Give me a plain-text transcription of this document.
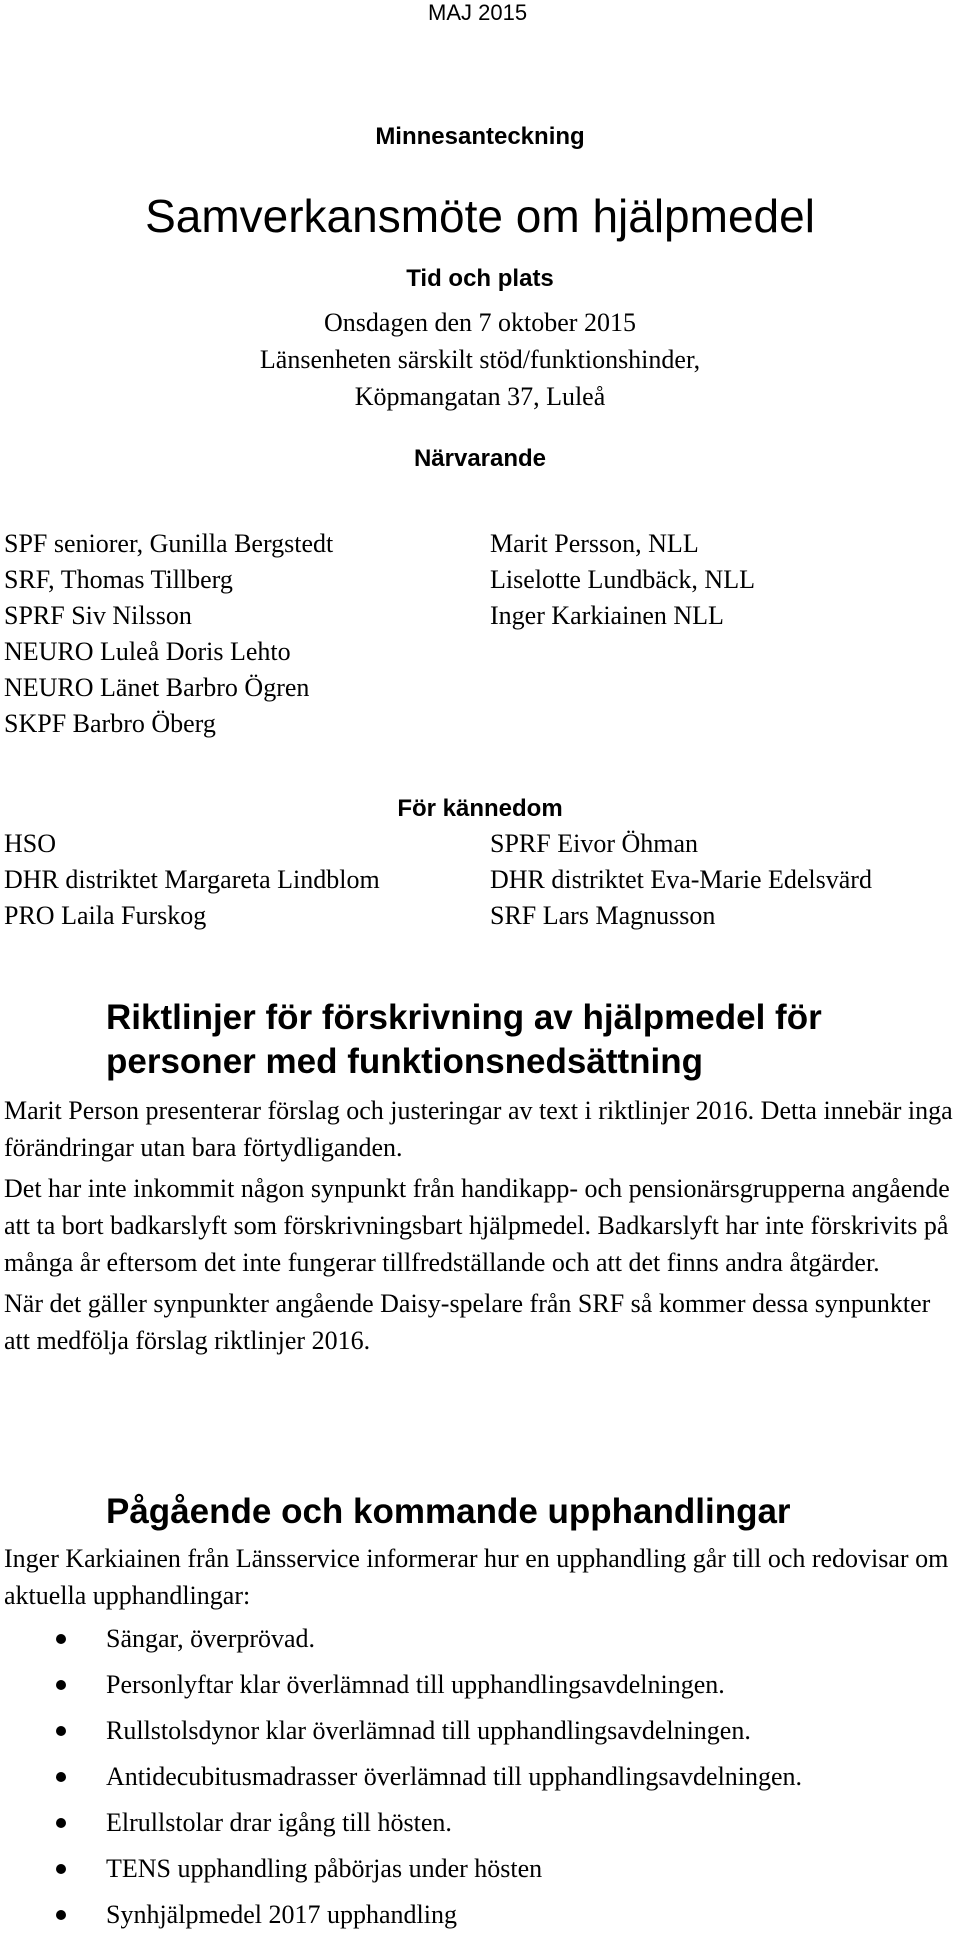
MAJ 2015
Minnesanteckning
Samverkansmöte om hjälpmedel
Tid och plats
Onsdagen den 7 oktober 2015
Länsenheten särskilt stöd/funktionshinder,
Köpmangatan 37, Luleå
Närvarande
SPF seniorer, Gunilla Bergstedt
SRF, Thomas Tillberg
SPRF Siv Nilsson
NEURO Luleå Doris Lehto
NEURO Länet Barbro Ögren
SKPF Barbro Öberg
Marit Persson, NLL
Liselotte Lundbäck, NLL
Inger Karkiainen NLL
För kännedom
HSO
DHR distriktet Margareta Lindblom
PRO Laila Furskog
SPRF Eivor Öhman
DHR distriktet Eva-Marie Edelsvärd
SRF Lars Magnusson
Riktlinjer för förskrivning av hjälpmedel för
personer med funktionsnedsättning

Marit Person presenterar förslag och justeringar av text i riktlinjer 2016. Detta innebär inga förändringar utan bara förtydliganden.

Det har inte inkommit någon synpunkt från handikapp- och pensionärsgrupperna angående att ta bort badkarslyft som förskrivningsbart hjälpmedel. Badkarslyft har inte förskrivits på många år eftersom det inte fungerar tillfredställande och att det finns andra åtgärder.

När det gäller synpunkter angående Daisy-spelare från SRF så kommer dessa synpunkter att medfölja förslag riktlinjer 2016.

Pågående och kommande upphandlingar
Inger Karkiainen från Länsservice informerar hur en upphandling går till och redovisar om aktuella upphandlingar:
Sängar, överprövad.
Personlyftar klar överlämnad till upphandlingsavdelningen.
Rullstolsdynor klar överlämnad till upphandlingsavdelningen.
Antidecubitusmadrasser överlämnad till upphandlingsavdelningen.
Elrullstolar drar igång till hösten.
TENS upphandling påbörjas under hösten
Synhjälpmedel 2017 upphandling
